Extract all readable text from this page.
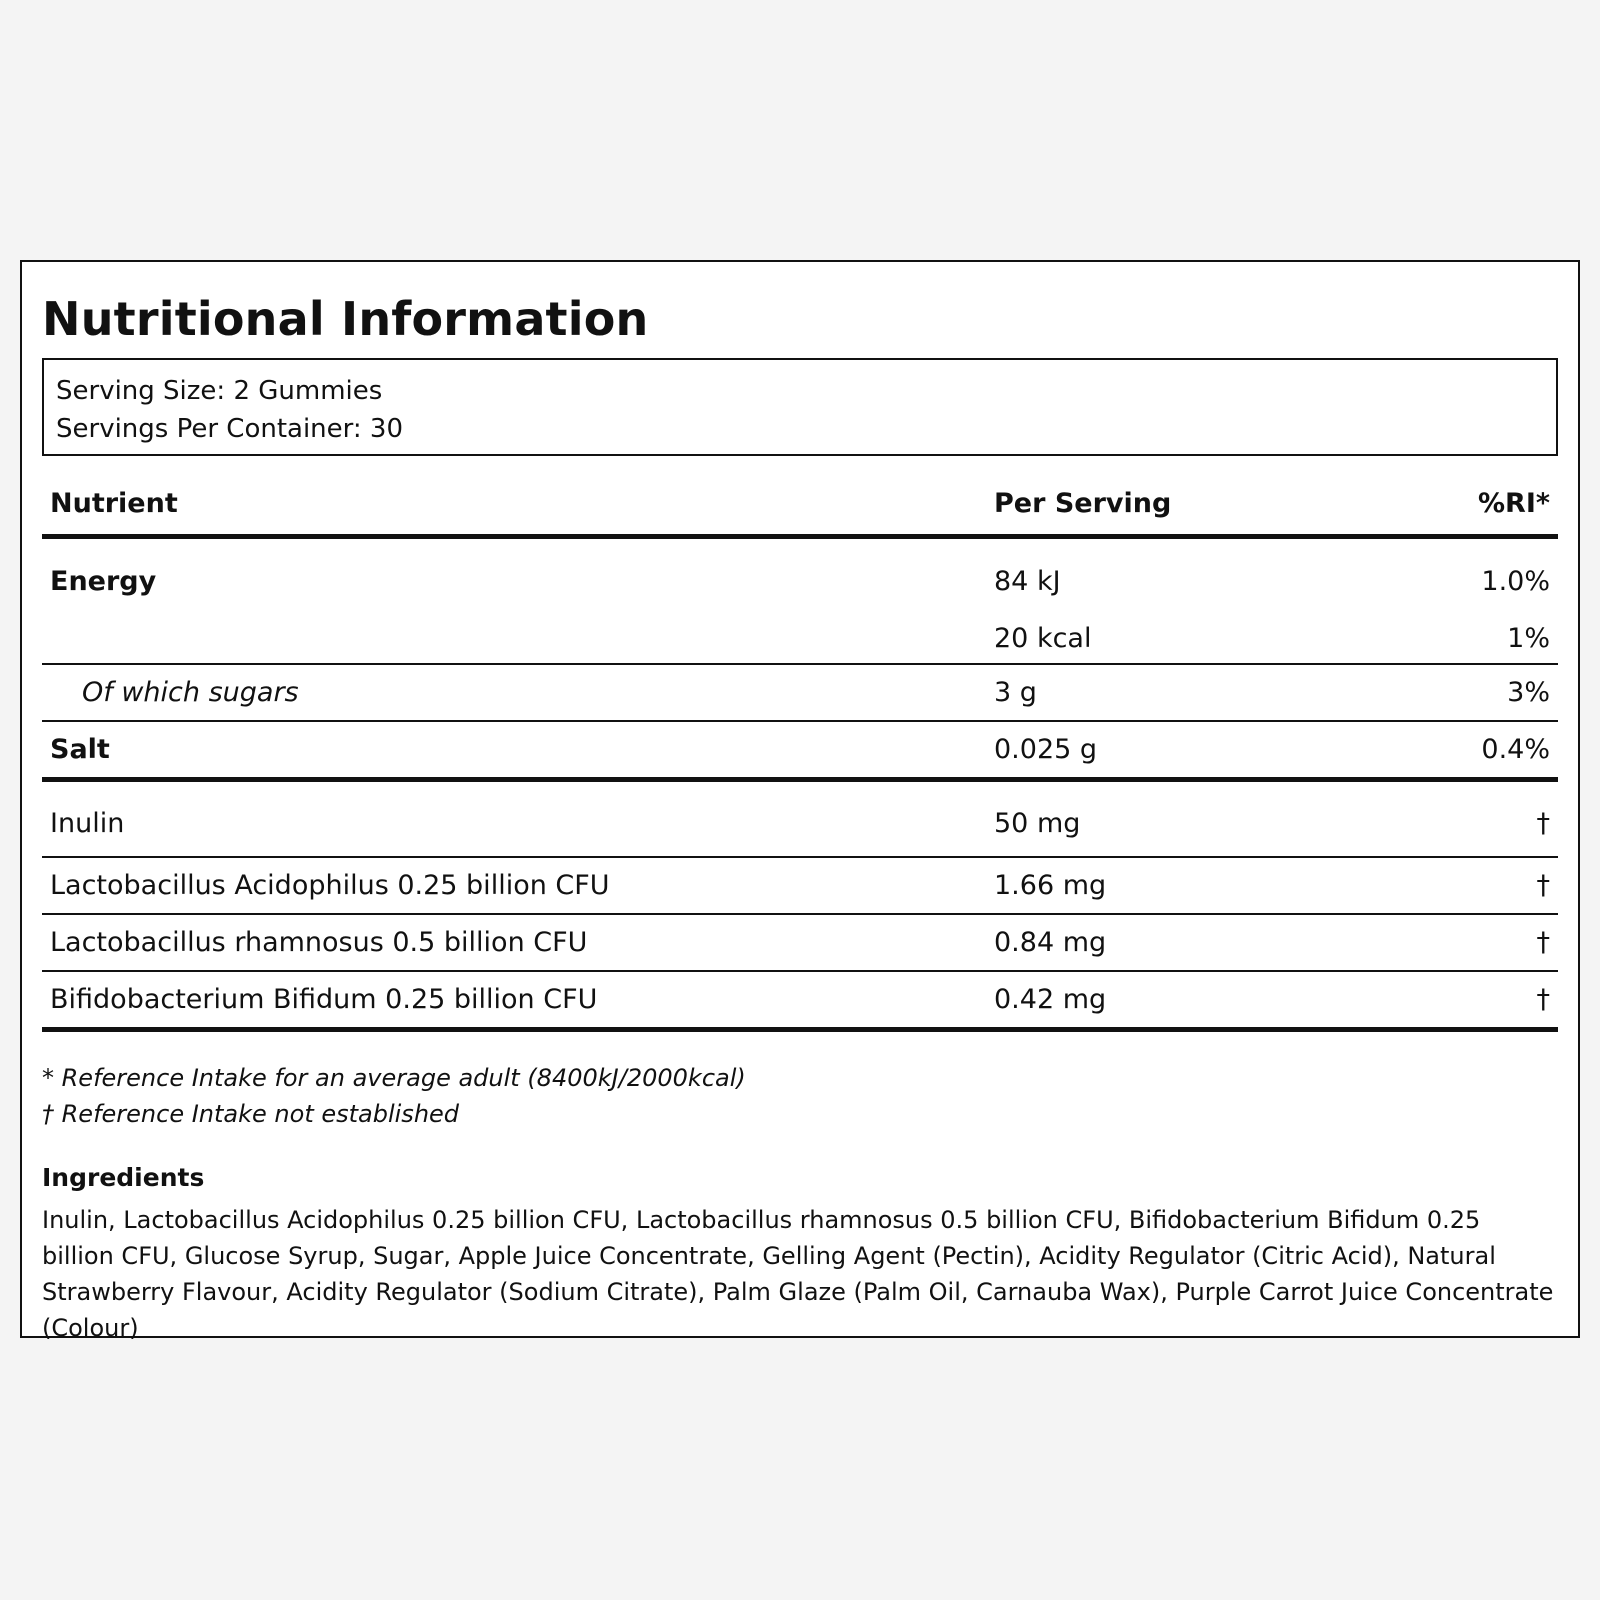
Nutritional Information
Serving Size: 2 Gummies
Servings Per Container: 30
Nutrient	Per Serving	%RI*
Energy	84 kJ	1.0%
	20 kcal	1%
Of which sugars	3 g	3%
Salt	0.025 g	0.4%
Inulin	50 mg	†
Lactobacillus Acidophilus 0.25 billion CFU	1.66 mg	†
Lactobacillus rhamnosus 0.5 billion CFU	0.84 mg	†
Bifidobacterium Bifidum 0.25 billion CFU	0.42 mg	†
* Reference Intake for an average adult (8400kJ/2000kcal)
† Reference Intake not established
Ingredients
Inulin, Lactobacillus Acidophilus 0.25 billion CFU, Lactobacillus rhamnosus 0.5 billion CFU, Bifidobacterium Bifidum 0.25 billion CFU, Glucose Syrup, Sugar, Apple Juice Concentrate, Gelling Agent (Pectin), Acidity Regulator (Citric Acid), Natural Strawberry Flavour, Acidity Regulator (Sodium Citrate), Palm Glaze (Palm Oil, Carnauba Wax), Purple Carrot Juice Concentrate (Colour)
